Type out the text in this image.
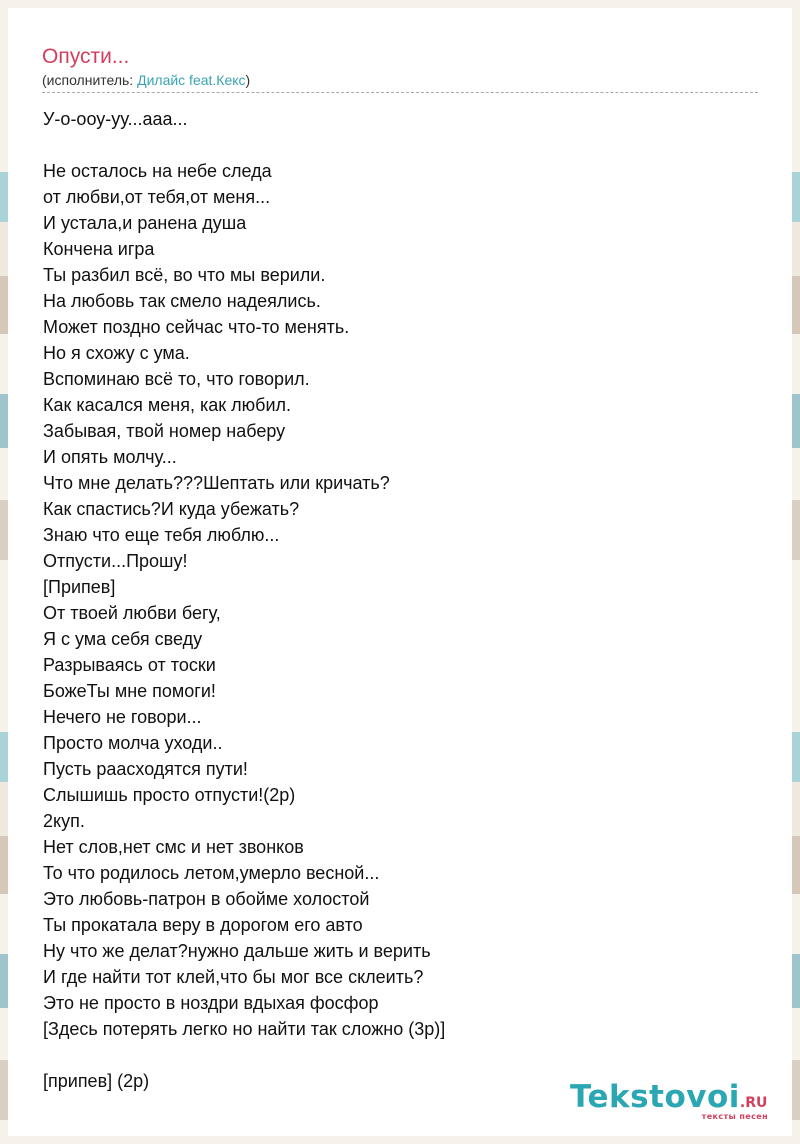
Опусти...
(исполнитель: Дилайс feat.Кекс)
У-о-ооу-уу...ааа...
Не осталось на небе следа
от любви,от тебя,от меня...
И устала,и ранена душа
Кончена игра
Ты разбил всё, во что мы верили.
На любовь так смело надеялись.
Может поздно сейчас что-то менять.
Но я схожу с ума.
Вспоминаю всё то, что говорил.
Как касался меня, как любил.
Забывая, твой номер наберу
И опять молчу...
Что мне делать???Шептать или кричать?
Как спастись?И куда убежать?
Знаю что еще тебя люблю...
Отпусти...Прошу!
[Припев]
От твоей любви бегу,
Я с ума себя сведу
Разрываясь от тоски
БожеТы мне помоги!
Нечего не говори...
Просто молча уходи..
Пусть раасходятся пути!
Слышишь просто отпусти!(2р)
2куп.
Нет слов,нет смс и нет звонков
То что родилось летом,умерло весной...
Это любовь-патрон в обойме холостой
Ты прокатала веру в дорогом его авто
Ну что же делат?нужно дальше жить и верить
И где найти тот клей,что бы мог все склеить?
Это не просто в ноздри вдыхая фосфор
[Здесь потерять легко но найти так сложно (3р)]
[припев] (2р)	Tekstovoi.RU
тексты песен
